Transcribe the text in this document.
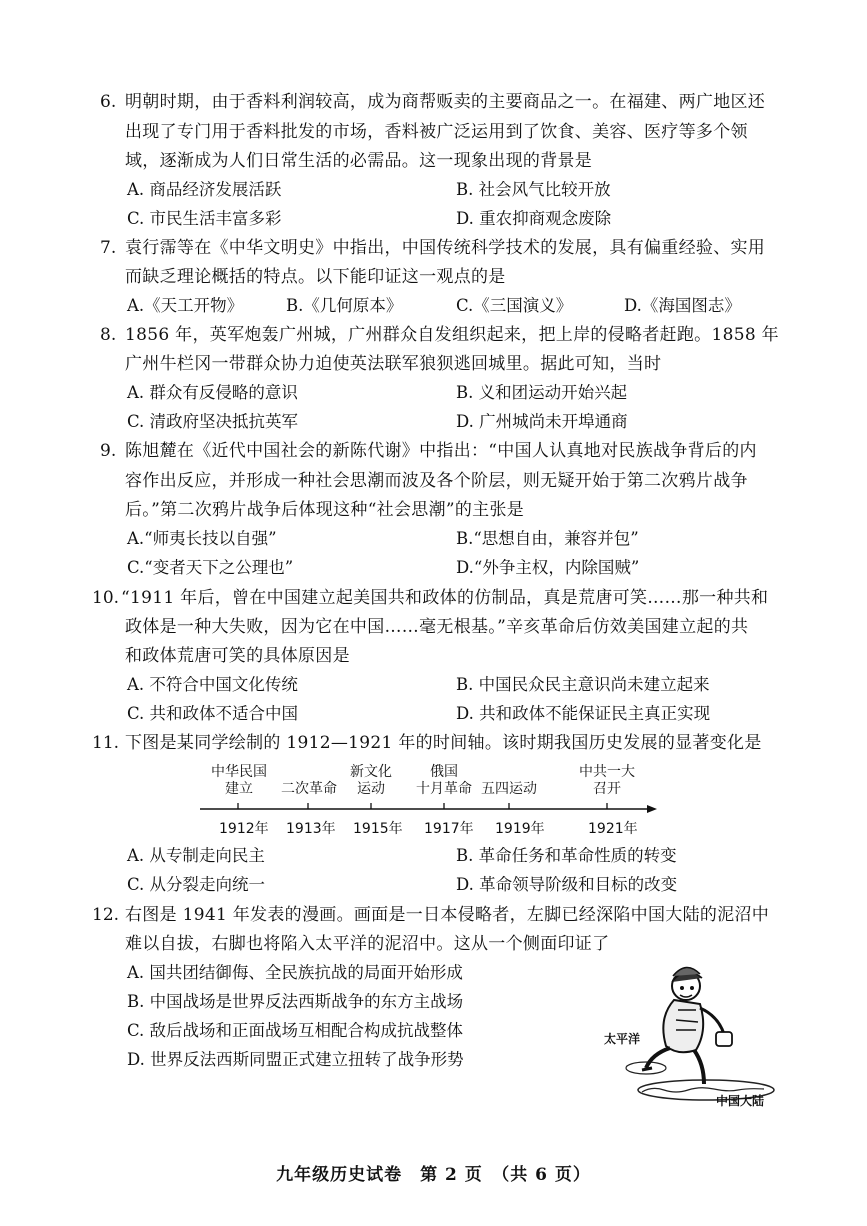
6. 明朝时期，由于香料利润较高，成为商帮贩卖的主要商品之一。在福建、两广地区还
出现了专门用于香料批发的市场，香料被广泛运用到了饮食、美容、医疗等多个领
域，逐渐成为人们日常生活的必需品。这一现象出现的背景是
A. 商品经济发展活跃	B. 社会风气比较开放
C. 市民生活丰富多彩	D. 重农抑商观念废除
7. 袁行霈等在《中华文明史》中指出，中国传统科学技术的发展，具有偏重经验、实用
而缺乏理论概括的特点。以下能印证这一观点的是
A.《天工开物》	B.《几何原本》	C.《三国演义》	D.《海国图志》
8. 1856 年，英军炮轰广州城，广州群众自发组织起来，把上岸的侵略者赶跑。1858 年
广州牛栏冈一带群众协力迫使英法联军狼狈逃回城里。据此可知，当时
A. 群众有反侵略的意识	B. 义和团运动开始兴起
C. 清政府坚决抵抗英军	D. 广州城尚未开埠通商
9. 陈旭麓在《近代中国社会的新陈代谢》中指出：“中国人认真地对民族战争背后的内
容作出反应，并形成一种社会思潮而波及各个阶层，则无疑开始于第二次鸦片战争
后。”第二次鸦片战争后体现这种“社会思潮”的主张是
A.“师夷长技以自强”	B.“思想自由，兼容并包”
C.“变者天下之公理也”	D.“外争主权，内除国贼”
10. “1911 年后，曾在中国建立起美国共和政体的仿制品，真是荒唐可笑……那一种共和
政体是一种大失败，因为它在中国……毫无根基。”辛亥革命后仿效美国建立起的共
和政体荒唐可笑的具体原因是
A. 不符合中国文化传统	B. 中国民众民主意识尚未建立起来
C. 共和政体不适合中国	D. 共和政体不能保证民主真正实现
11. 下图是某同学绘制的 1912—1921 年的时间轴。该时期我国历史发展的显著变化是
中华民国
建立	二次革命
新文化
运动
俄国
十月革命 五四运动
中共一大
召开
1912年 1913年 1915年 1917年 1919年	1921年
A. 从专制走向民主	B. 革命任务和革命性质的转变
C. 从分裂走向统一	D. 革命领导阶级和目标的改变
12. 右图是 1941 年发表的漫画。画面是一日本侵略者，左脚已经深陷中国大陆的泥沼中
难以自拔，右脚也将陷入太平洋的泥沼中。这从一个侧面印证了
A. 国共团结御侮、全民族抗战的局面开始形成
B. 中国战场是世界反法西斯战争的东方主战场
C. 敌后战场和正面战场互相配合构成抗战整体
D. 世界反法西斯同盟正式建立扭转了战争形势
太平洋
中国大陆
九年级历史试卷　第 2 页　（共 6 页）
